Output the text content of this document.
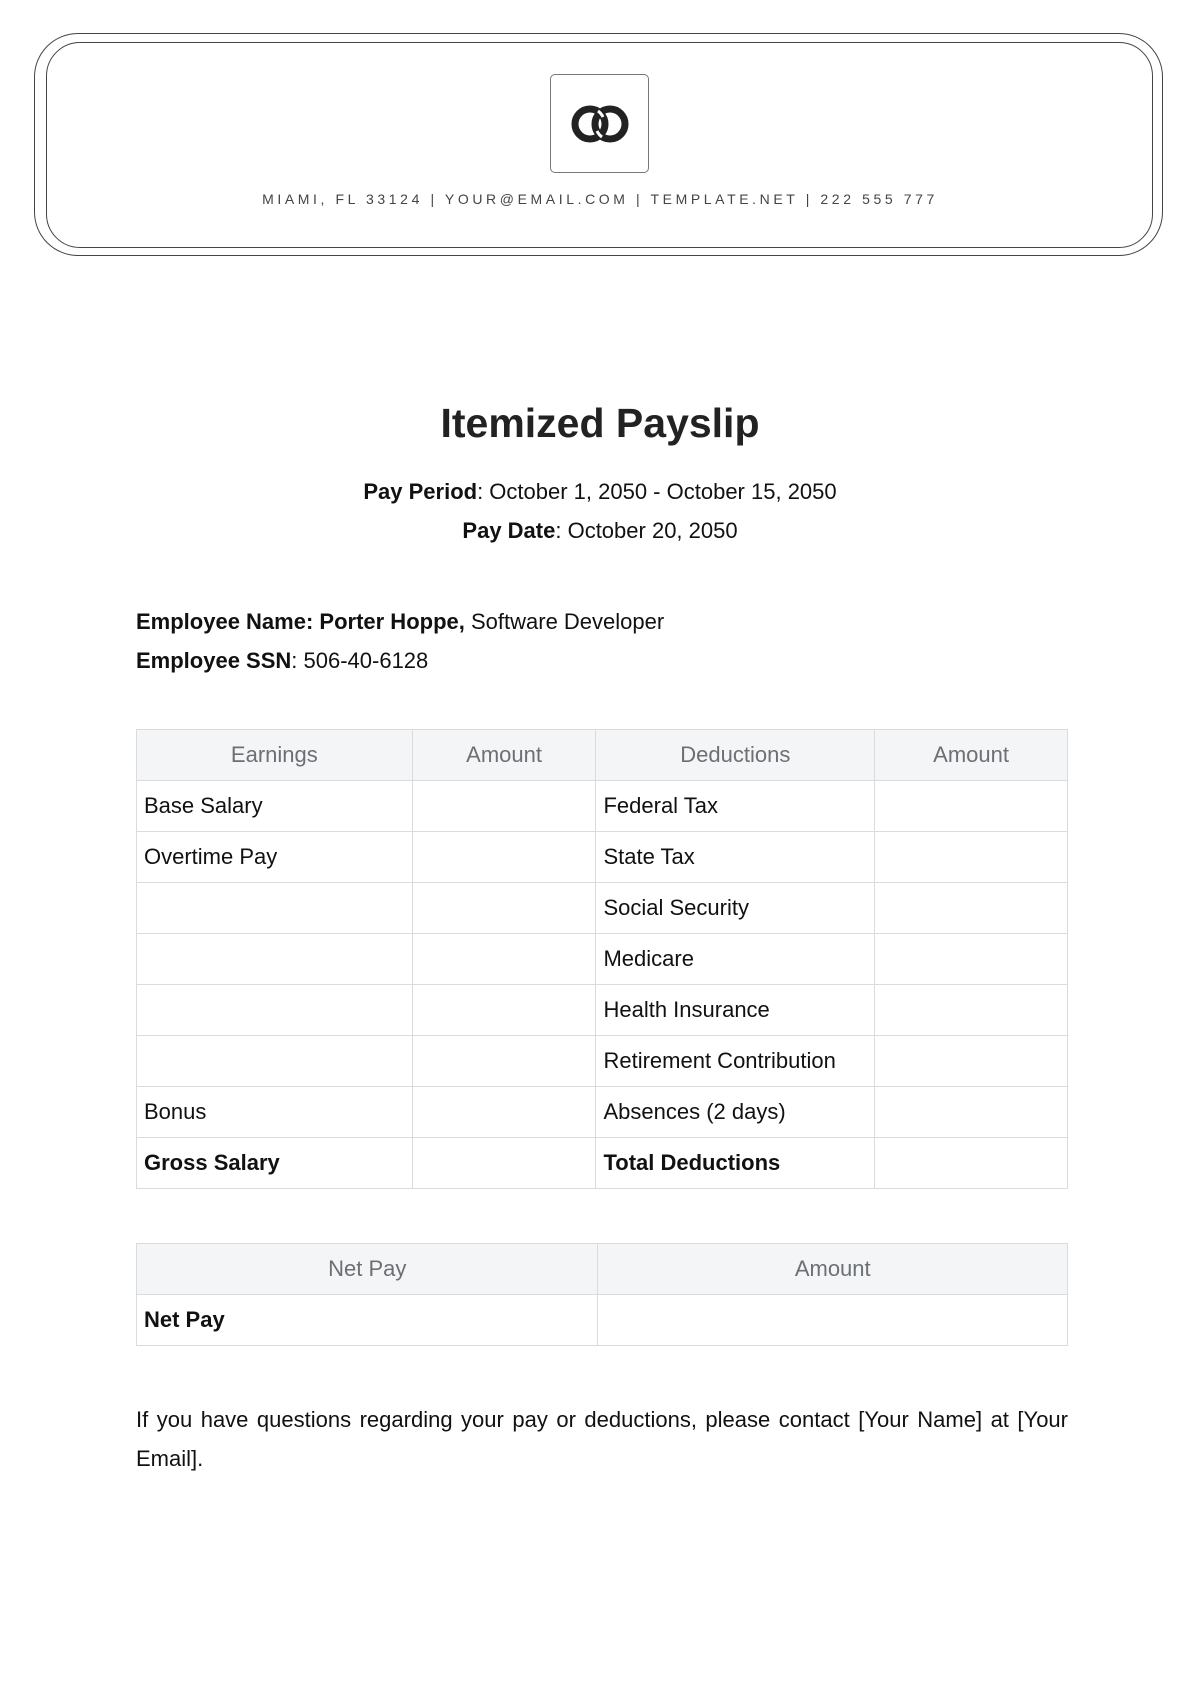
MIAMI, FL 33124 | YOUR@EMAIL.COM | TEMPLATE.NET | 222 555 777
Itemized Payslip
Pay Period: October 1, 2050 - October 15, 2050
Pay Date: October 20, 2050
Employee Name: Porter Hoppe, Software Developer
Employee SSN: 506-40-6128
Earnings	Amount	Deductions	Amount
Base Salary		Federal Tax	
Overtime Pay		State Tax	
		Social Security	
		Medicare	
		Health Insurance	
		Retirement Contribution	
Bonus		Absences (2 days)	
Gross Salary		Total Deductions	
Net Pay	Amount
Net Pay	
If you have questions regarding your pay or deductions, please contact [Your Name] at [Your Email].
